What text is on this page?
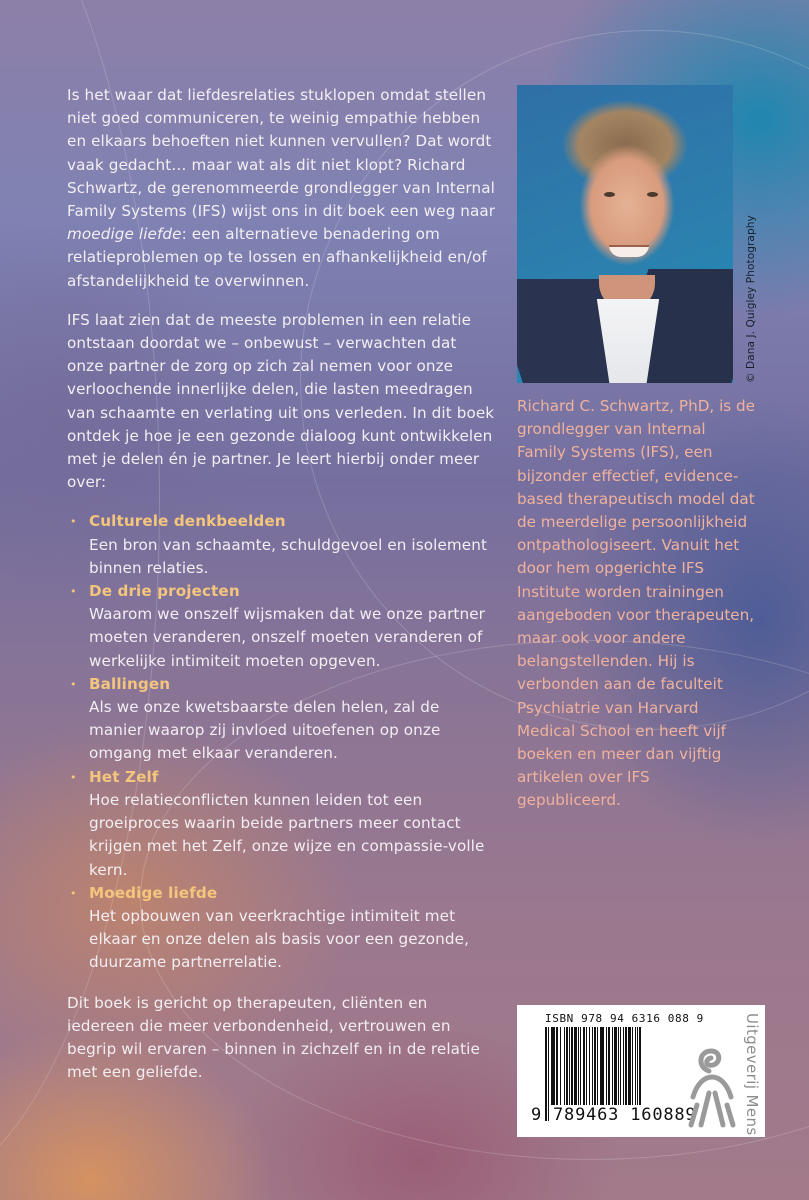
Is het waar dat liefdesrelaties stuklopen omdat stellen niet goed communiceren, te weinig empathie hebben en elkaars behoeften niet kunnen vervullen? Dat wordt vaak gedacht… maar wat als dit niet klopt? Richard Schwartz, de gerenommeerde grondlegger van Internal Family Systems (IFS) wijst ons in dit boek een weg naar moedige liefde: een alternatieve benadering om relatieproblemen op te lossen en afhankelijkheid en/of afstandelijkheid te overwinnen.

IFS laat zien dat de meeste problemen in een relatie ontstaan doordat we – onbewust – verwachten dat onze partner de zorg op zich zal nemen voor onze verloochende innerlijke delen, die lasten meedragen van schaamte en verlating uit ons verleden. In dit boek ontdek je hoe je een gezonde dialoog kunt ontwikkelen met je delen én je partner. Je leert hierbij onder meer over:

• Culturele denkbeelden
Een bron van schaamte, schuldgevoel en isolement binnen relaties.
• De drie projecten
Waarom we onszelf wijsmaken dat we onze partner moeten veranderen, onszelf moeten veranderen of werkelijke intimiteit moeten opgeven.
• Ballingen
Als we onze kwetsbaarste delen helen, zal de manier waarop zij invloed uitoefenen op onze omgang met elkaar veranderen.
• Het Zelf
Hoe relatieconflicten kunnen leiden tot een groeiproces waarin beide partners meer contact krijgen met het Zelf, onze wijze en compassie-volle kern.
• Moedige liefde
Het opbouwen van veerkrachtige intimiteit met elkaar en onze delen als basis voor een gezonde, duurzame partnerrelatie.

Dit boek is gericht op therapeuten, cliënten en iedereen die meer verbondenheid, vertrouwen en begrip wil ervaren – binnen in zichzelf en in de relatie met een geliefde.

© Dana J. Quigley Photography

Richard C. Schwartz, PhD, is de grondlegger van Internal Family Systems (IFS), een bijzonder effectief, evidence-based therapeutisch model dat de meerdelige persoonlijkheid ontpathologiseert. Vanuit het door hem opgerichte IFS Institute worden trainingen aangeboden voor therapeuten, maar ook voor andere belangstellenden. Hij is verbonden aan de faculteit Psychiatrie van Harvard Medical School en heeft vijf boeken en meer dan vijftig artikelen over IFS gepubliceerd.

ISBN 978 94 6316 088 9
9 789463 160889	Uitgeverij Mens!
